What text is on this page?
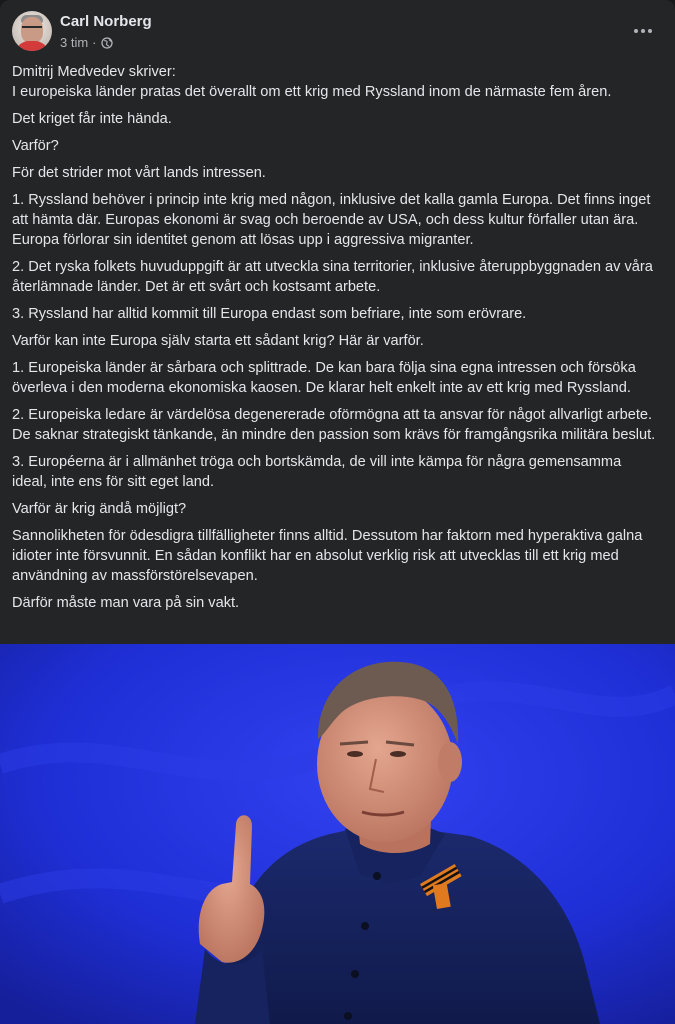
Carl Norberg
3 tim ·

Dmitrij Medvedev skriver:
I europeiska länder pratas det överallt om ett krig med Ryssland inom de närmaste fem åren.

Det kriget får inte hända.

Varför?

För det strider mot vårt lands intressen.

1. Ryssland behöver i princip inte krig med någon, inklusive det kalla gamla Europa. Det finns inget att hämta där. Europas ekonomi är svag och beroende av USA, och dess kultur förfaller utan ära. Europa förlorar sin identitet genom att lösas upp i aggressiva migranter.

2. Det ryska folkets huvuduppgift är att utveckla sina territorier, inklusive återuppbyggnaden av våra återlämnade länder. Det är ett svårt och kostsamt arbete.

3. Ryssland har alltid kommit till Europa endast som befriare, inte som erövrare.

Varför kan inte Europa själv starta ett sådant krig? Här är varför.

1. Europeiska länder är sårbara och splittrade. De kan bara följa sina egna intressen och försöka överleva i den moderna ekonomiska kaosen. De klarar helt enkelt inte av ett krig med Ryssland.

2. Europeiska ledare är värdelösa degenererade oförmögna att ta ansvar för något allvarligt arbete. De saknar strategiskt tänkande, än mindre den passion som krävs för framgångsrika militära beslut.

3. Européerna är i allmänhet tröga och bortskämda, de vill inte kämpa för några gemensamma ideal, inte ens för sitt eget land.

Varför är krig ändå möjligt?

Sannolikheten för ödesdigra tillfälligheter finns alltid. Dessutom har faktorn med hyperaktiva galna idioter inte försvunnit. En sådan konflikt har en absolut verklig risk att utvecklas till ett krig med användning av massförstörelsevapen.

Därför måste man vara på sin vakt.
